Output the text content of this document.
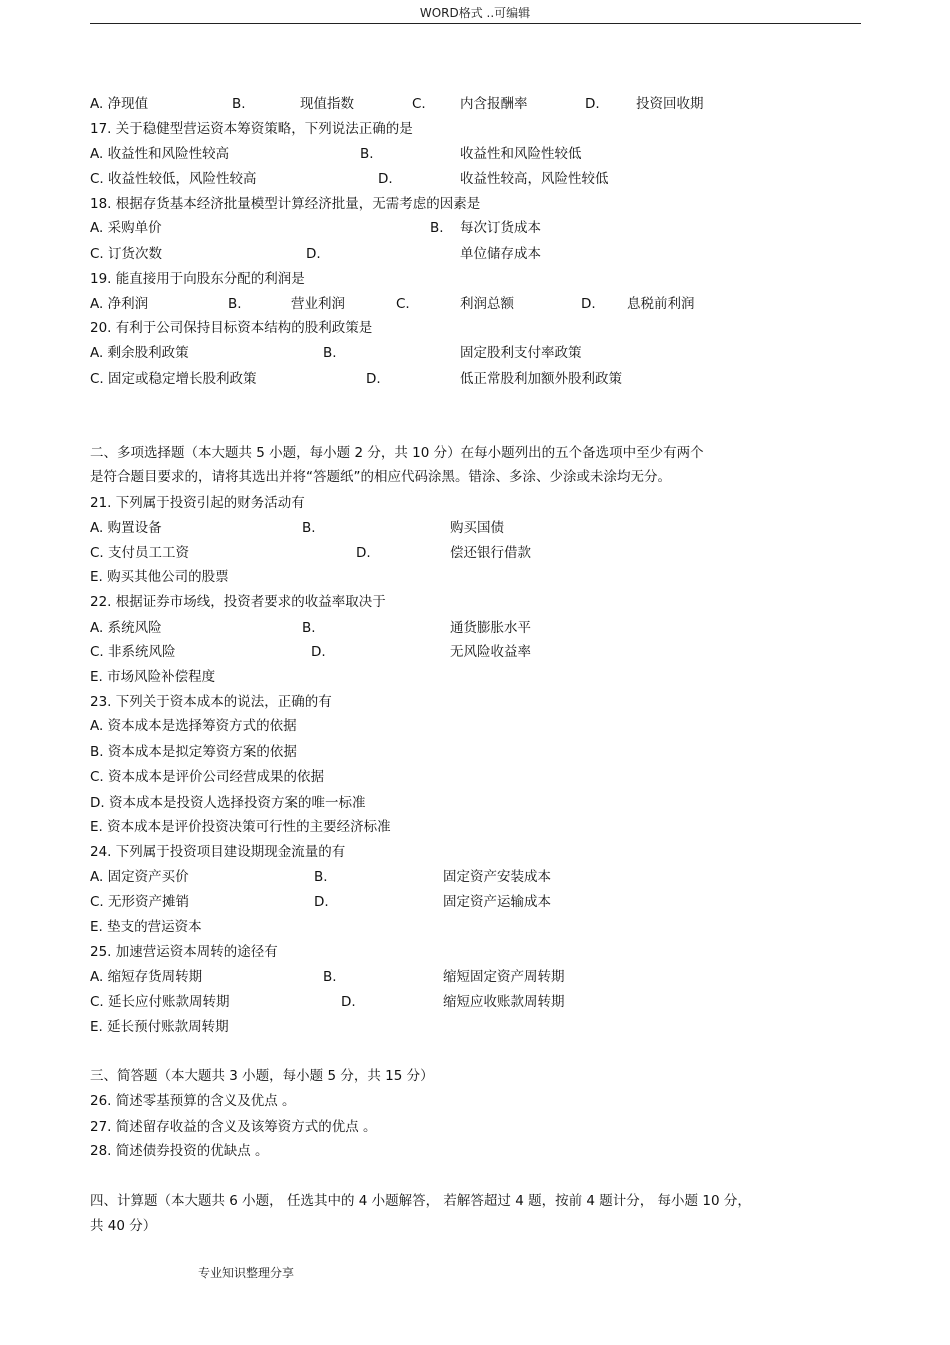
WORD格式 ..可编辑
A. 净现值	B.	现值指数	C.	内含报酬率	D.	投资回收期
17. 关于稳健型营运资本筹资策略，下列说法正确的是
A. 收益性和风险性较高	B.	收益性和风险性较低
C. 收益性较低，风险性较高	D.	收益性较高，风险性较低
18. 根据存货基本经济批量模型计算经济批量，无需考虑的因素是
A. 采购单价	B. 每次订货成本
C. 订货次数	D.	单位储存成本
19. 能直接用于向股东分配的利润是
A. 净利润	B.	营业利润	C.	利润总额	D. 息税前利润
20. 有利于公司保持目标资本结构的股利政策是
A. 剩余股利政策	B.	固定股利支付率政策
C. 固定或稳定增长股利政策	D.	低正常股利加额外股利政策
二、多项选择题（本大题共 5 小题，每小题 2 分，共 10 分）在每小题列出的五个备选项中至少有两个
是符合题目要求的，请将其选出并将“答题纸”的相应代码涂黑。错涂、多涂、少涂或未涂均无分。
21. 下列属于投资引起的财务活动有
A. 购置设备	B.	购买国债
C. 支付员工工资	D.	偿还银行借款
E. 购买其他公司的股票
22. 根据证券市场线，投资者要求的收益率取决于
A. 系统风险	B.	通货膨胀水平
C. 非系统风险	D.	无风险收益率
E. 市场风险补偿程度
23. 下列关于资本成本的说法，正确的有
A. 资本成本是选择筹资方式的依据
B. 资本成本是拟定筹资方案的依据
C. 资本成本是评价公司经营成果的依据
D. 资本成本是投资人选择投资方案的唯一标准
E. 资本成本是评价投资决策可行性的主要经济标准
24. 下列属于投资项目建设期现金流量的有
A. 固定资产买价	B.	固定资产安装成本
C. 无形资产摊销	D.	固定资产运输成本
E. 垫支的营运资本
25. 加速营运资本周转的途径有
A. 缩短存货周转期	B.	缩短固定资产周转期
C. 延长应付账款周转期	D.	缩短应收账款周转期
E. 延长预付账款周转期
三、简答题（本大题共 3 小题，每小题 5 分，共 15 分）
26. 简述零基预算的含义及优点 。
27. 简述留存收益的含义及该筹资方式的优点 。
28. 简述债券投资的优缺点 。
四、计算题（本大题共 6 小题， 任选其中的 4 小题解答， 若解答超过 4 题，按前 4 题计分， 每小题 10 分，
共 40 分）
专业知识整理分享
